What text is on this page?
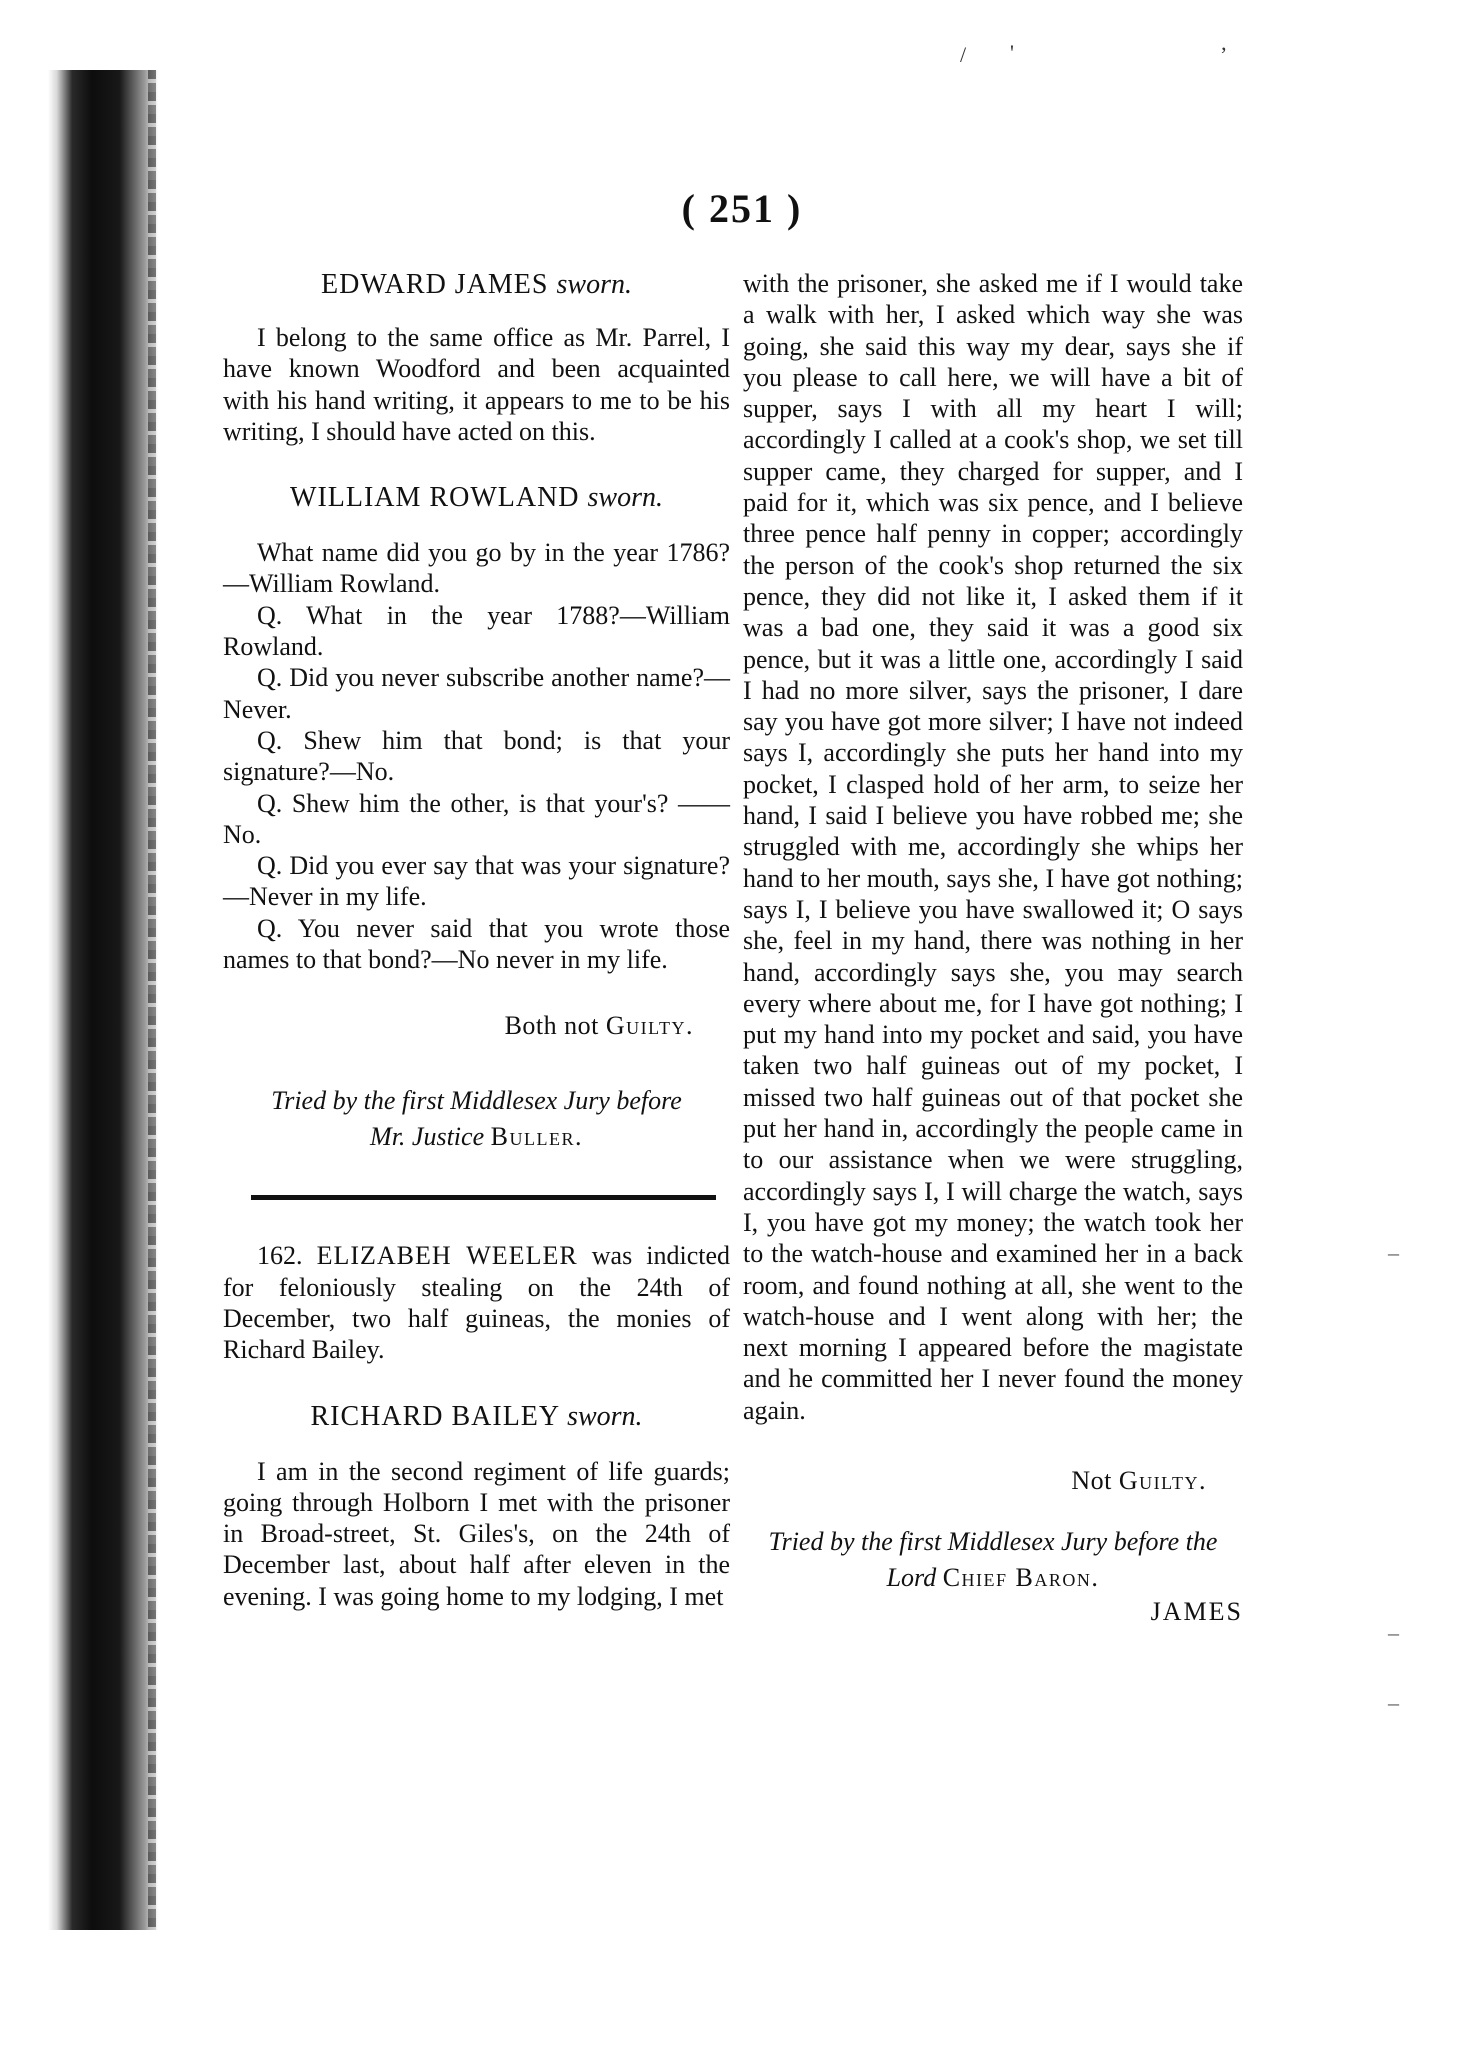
/ '	‚
–
–
–
( 251 )

EDWARD JAMES sworn.

I belong to the same office as Mr. Parrel, I have known Woodford and been acquainted with his hand writing, it appears to me to be his writing, I should have acted on this.

WILLIAM ROWLAND sworn.

What name did you go by in the year 1786?—William Rowland.

Q. What in the year 1788?—William Rowland.

Q. Did you never subscribe another name?—Never.

Q. Shew him that bond; is that your signature?—No.

Q. Shew him the other, is that your's? ——No.

Q. Did you ever say that was your signature?—Never in my life.

Q. You never said that you wrote those names to that bond?—No never in my life.

Both not Guilty.

Tried by the first Middlesex Jury before

Mr. Justice Buller.

162. ELIZABEH WEELER was indicted for feloniously stealing on the 24th of December, two half guineas, the monies of Richard Bailey.

RICHARD BAILEY sworn.

I am in the second regiment of life guards; going through Holborn I met with the prisoner in Broad-street, St. Giles's, on the 24th of December last, about half after eleven in the evening. I was going home to my lodging, I met

with the prisoner, she asked me if I would take a walk with her, I asked which way she was going, she said this way my dear, says she if you please to call here, we will have a bit of supper, says I with all my heart I will; accordingly I called at a cook's shop, we set till supper came, they charged for supper, and I paid for it, which was six pence, and I believe three pence half penny in copper; accordingly the person of the cook's shop returned the six pence, they did not like it, I asked them if it was a bad one, they said it was a good six pence, but it was a little one, accordingly I said I had no more silver, says the prisoner, I dare say you have got more silver; I have not indeed says I, accordingly she puts her hand into my pocket, I clasped hold of her arm, to seize her hand, I said I believe you have robbed me; she struggled with me, accordingly she whips her hand to her mouth, says she, I have got nothing; says I, I believe you have swallowed it; O says she, feel in my hand, there was nothing in her hand, accordingly says she, you may search every where about me, for I have got nothing; I put my hand into my pocket and said, you have taken two half guineas out of my pocket, I missed two half guineas out of that pocket she put her hand in, accordingly the people came in to our assistance when we were struggling, accordingly says I, I will charge the watch, says I, you have got my money; the watch took her to the watch-house and examined her in a back room, and found nothing at all, she went to the watch-house and I went along with her; the next morning I appeared before the magistate and he committed her I never found the money again.

Not Guilty.

Tried by the first Middlesex Jury before the

Lord Chief Baron.

JAMES
